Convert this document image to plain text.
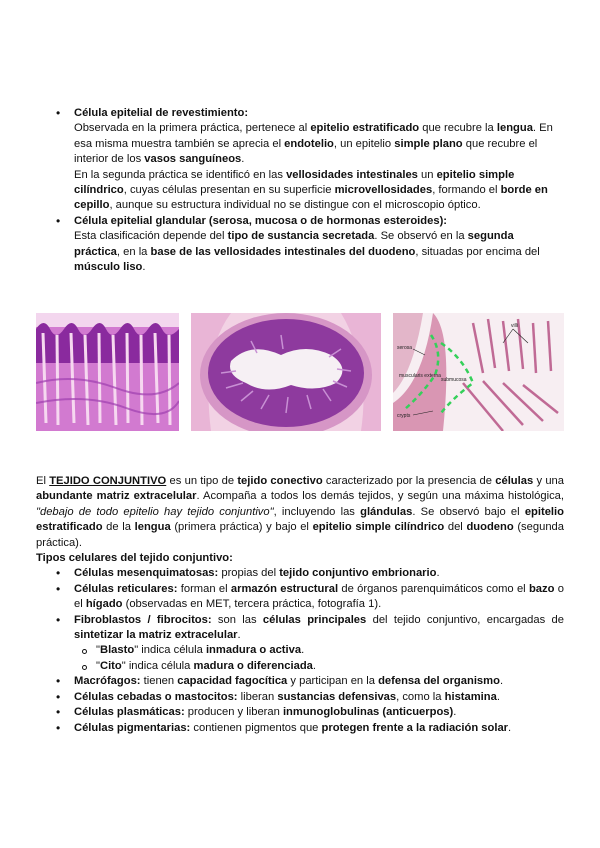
• Célula epitelial de revestimiento:
Observada en la primera práctica, pertenece al epitelio estratificado que recubre la lengua. En esa misma muestra también se aprecia el endotelio, un epitelio simple plano que recubre el interior de los vasos sanguíneos.
En la segunda práctica se identificó en las vellosidades intestinales un epitelio simple cilíndrico, cuyas células presentan en su superficie microvellosidades, formando el borde en cepillo, aunque su estructura individual no se distingue con el microscopio óptico.
• Célula epitelial glandular (serosa, mucosa o de hormonas esteroides):
Esta clasificación depende del tipo de sustancia secretada. Se observó en la segunda práctica, en la base de las vellosidades intestinales del duodeno, situadas por encima del músculo liso.
serosa
muscularis externa
submucosa
villi
crypts

El TEJIDO CONJUNTIVO es un tipo de tejido conectivo caracterizado por la presencia de células y una abundante matriz extracelular. Acompaña a todos los demás tejidos, y según una máxima histológica, "debajo de todo epitelio hay tejido conjuntivo", incluyendo las glándulas. Se observó bajo el epitelio estratificado de la lengua (primera práctica) y bajo el epitelio simple cilíndrico del duodeno (segunda práctica).

Tipos celulares del tejido conjuntivo:

• Células mesenquimatosas: propias del tejido conjuntivo embrionario.
• Células reticulares: forman el armazón estructural de órganos parenquimáticos como el bazo o el hígado (observadas en MET, tercera práctica, fotografía 1).
• Fibroblastos / fibrocitos: son las células principales del tejido conjuntivo, encargadas de sintetizar la matriz extracelular.
"Blasto" indica célula inmadura o activa.
"Cito" indica célula madura o diferenciada.
• Macrófagos: tienen capacidad fagocítica y participan en la defensa del organismo.
• Células cebadas o mastocitos: liberan sustancias defensivas, como la histamina.
• Células plasmáticas: producen y liberan inmunoglobulinas (anticuerpos).
• Células pigmentarias: contienen pigmentos que protegen frente a la radiación solar.
